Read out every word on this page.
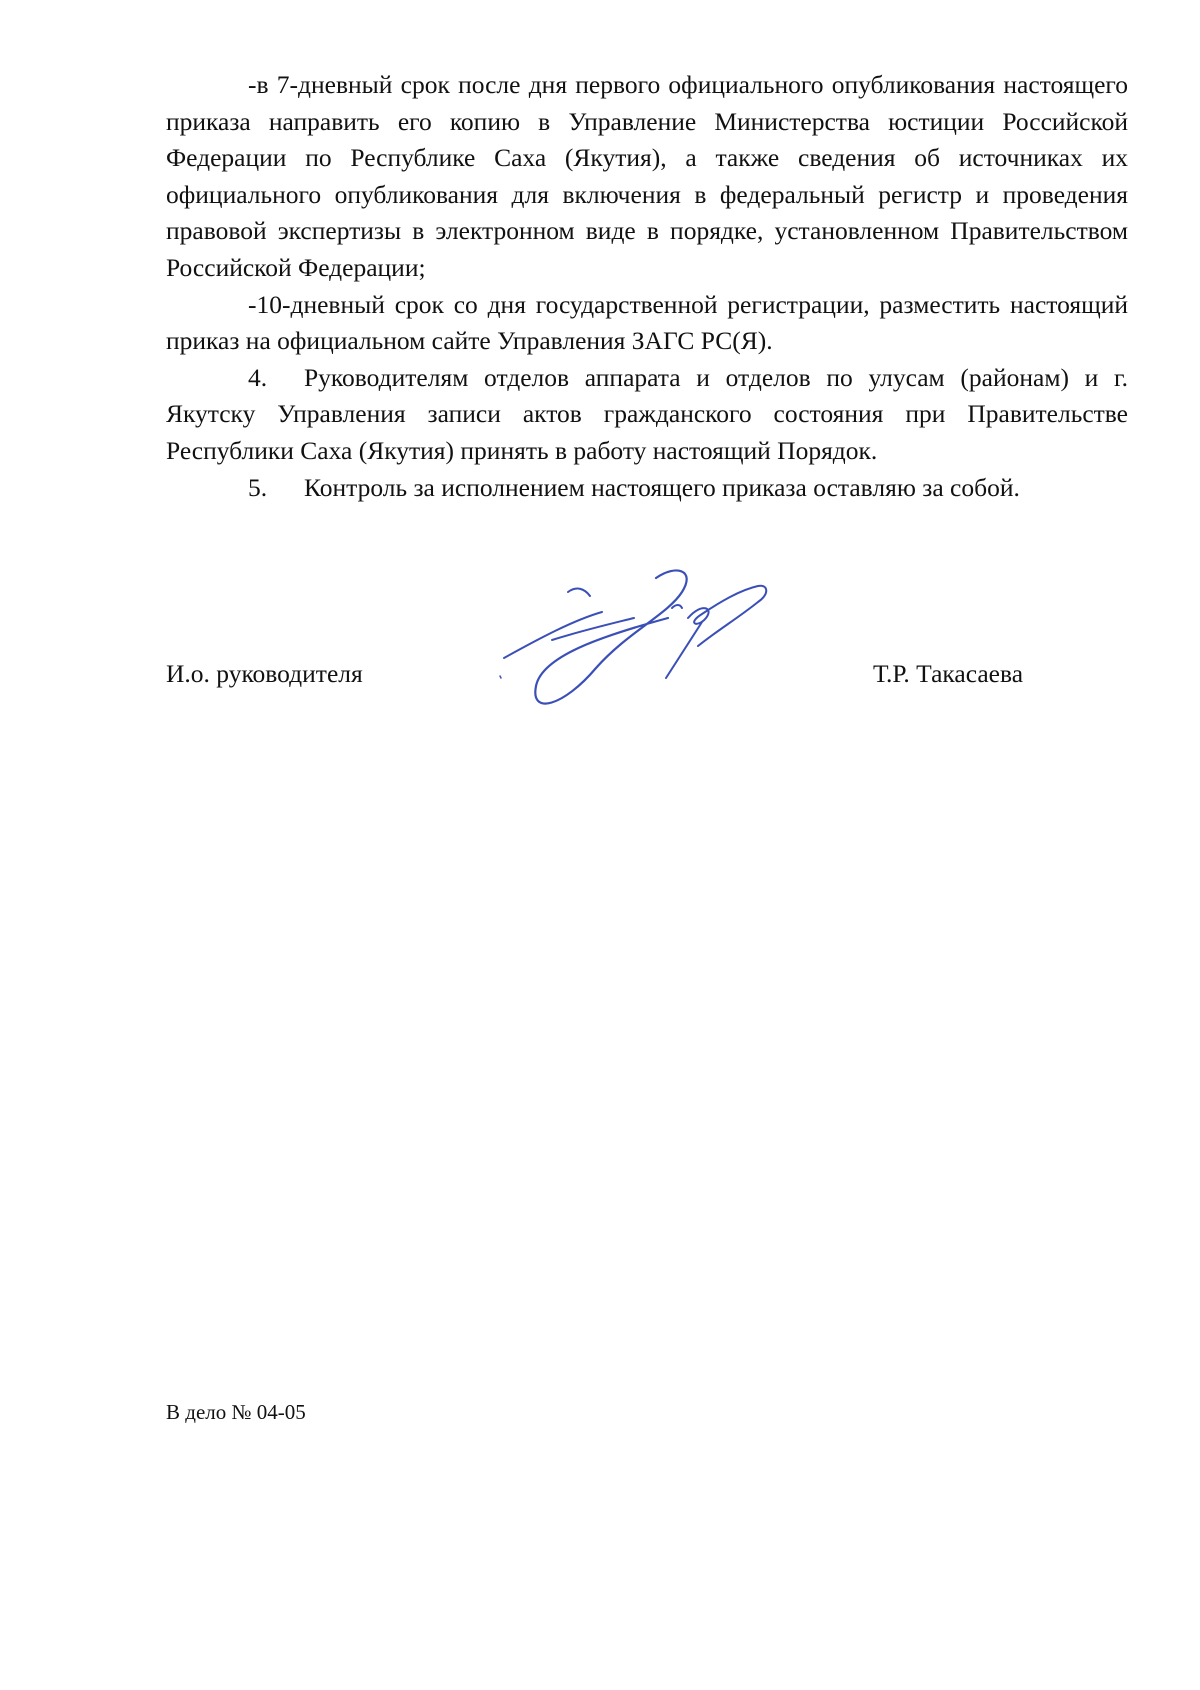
-в 7-дневный срок после дня первого официального опубликования настоящего приказа направить его копию в Управление Министерства юстиции Российской Федерации по Республике Саха (Якутия), а также сведения об источниках их официального опубликования для включения в федеральный регистр и проведения правовой экспертизы в электронном виде в порядке, установленном Правительством Российской Федерации;

-10-дневный срок со дня государственной регистрации, разместить настоящий приказ на официальном сайте Управления ЗАГС РС(Я).

4. Руководителям отделов аппарата и отделов по улусам (районам) и г. Якутску Управления записи актов гражданского состояния при Правительстве Республики Саха (Якутия) принять в работу настоящий Порядок.

5. Контроль за исполнением настоящего приказа оставляю за собой.

И.о. руководителя	Т.Р. Такасаева
В дело № 04-05
